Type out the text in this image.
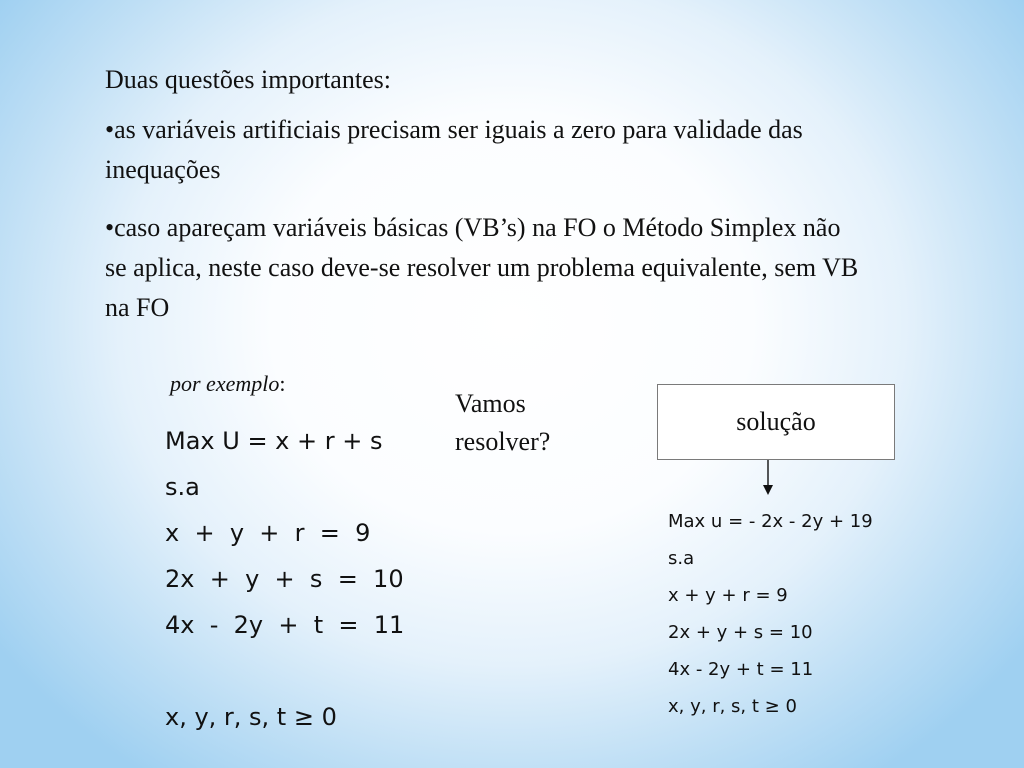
Duas questões importantes:

•as variáveis artificiais precisam ser iguais a zero para validade das inequações

•caso apareçam variáveis básicas (VB’s) na FO o Método Simplex não se aplica, neste caso deve-se resolver um problema equivalente, sem VB na FO

por exemplo:
Max U = x + r + s
s.a
x  +  y  +  r  =  9
2x  +  y  +  s  =  10
4x  -  2y  +  t  =  11
x, y, r, s, t ≥ 0
Vamos
resolver?
solução
Max u = - 2x - 2y + 19
s.a
x + y + r = 9
2x + y + s = 10
4x - 2y + t = 11
x, y, r, s, t ≥ 0
